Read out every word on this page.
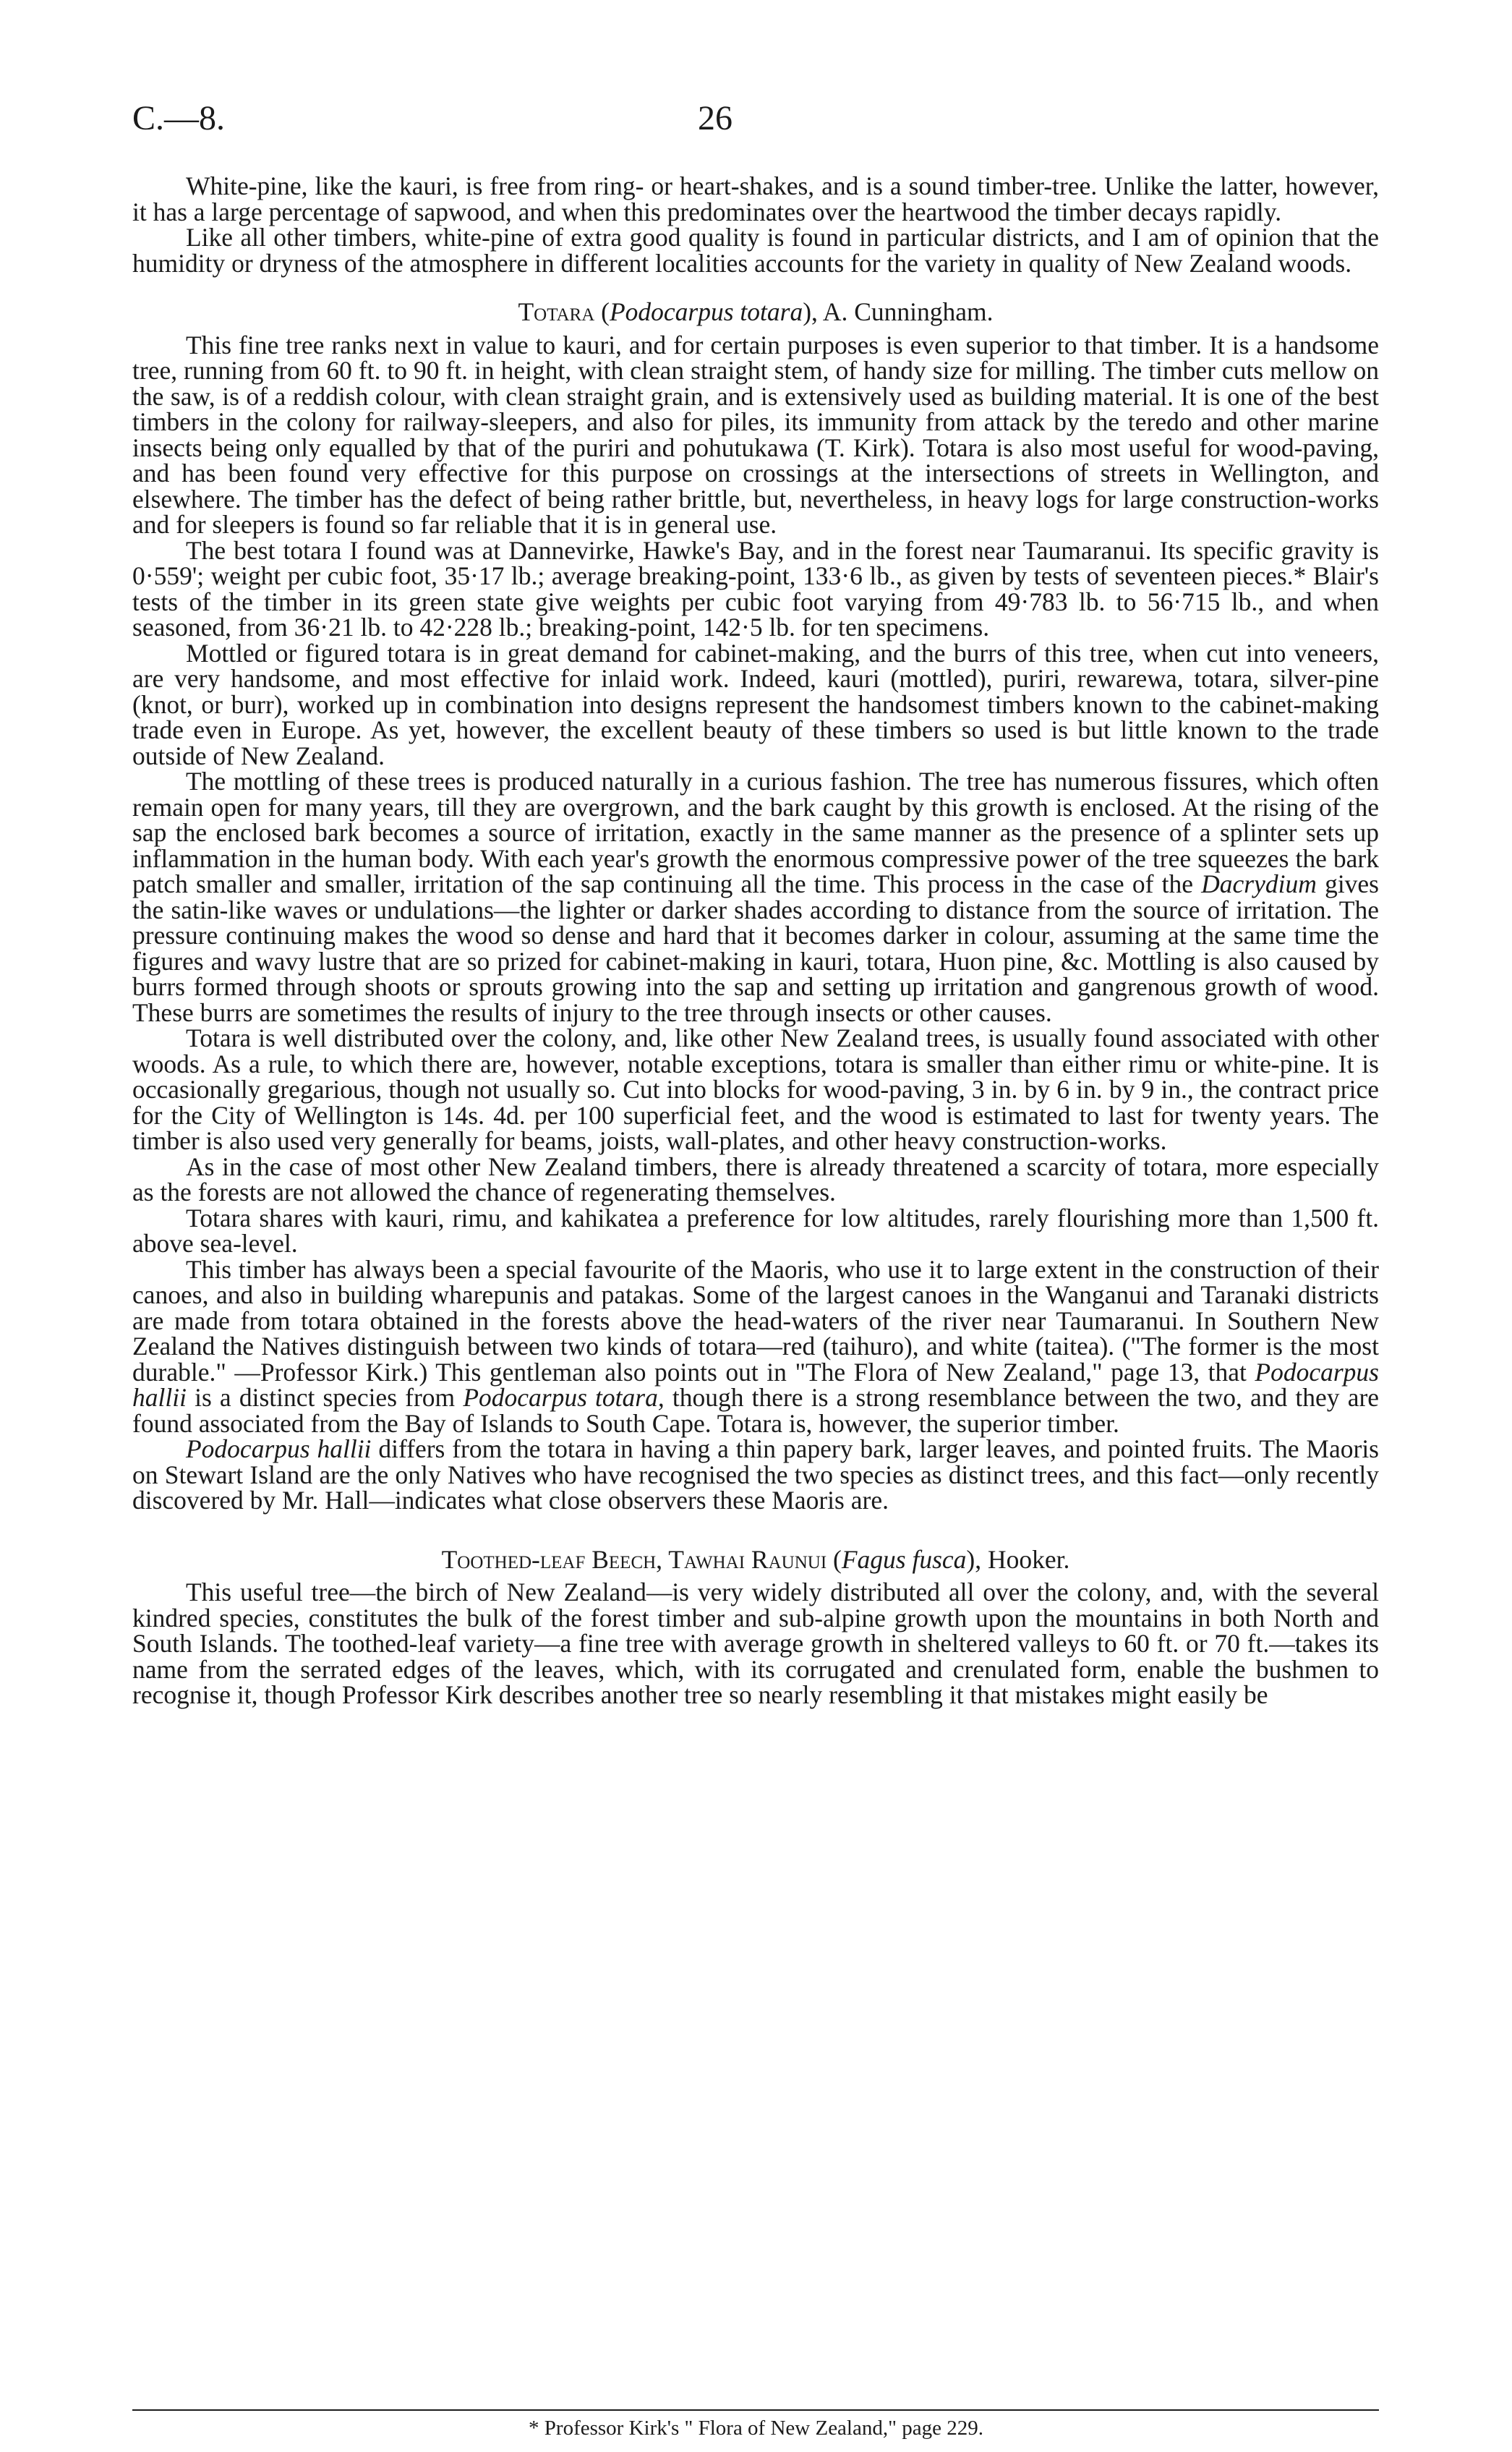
C.—8.	26

White-pine, like the kauri, is free from ring- or heart-shakes, and is a sound timber-tree. Unlike the latter, however, it has a large percentage of sapwood, and when this predominates over the heartwood the timber decays rapidly.

Like all other timbers, white-pine of extra good quality is found in particular districts, and I am of opinion that the humidity or dryness of the atmosphere in different localities accounts for the variety in quality of New Zealand woods.

Totara (Podocarpus totara), A. Cunningham.

This fine tree ranks next in value to kauri, and for certain purposes is even superior to that timber. It is a handsome tree, running from 60 ft. to 90 ft. in height, with clean straight stem, of handy size for milling. The timber cuts mellow on the saw, is of a reddish colour, with clean straight grain, and is extensively used as building material. It is one of the best timbers in the colony for railway-sleepers, and also for piles, its immunity from attack by the teredo and other marine insects being only equalled by that of the puriri and pohutukawa (T. Kirk). Totara is also most useful for wood-paving, and has been found very effective for this purpose on crossings at the intersections of streets in Wellington, and elsewhere. The timber has the defect of being rather brittle, but, nevertheless, in heavy logs for large construction-works and for sleepers is found so far reliable that it is in general use.

The best totara I found was at Dannevirke, Hawke's Bay, and in the forest near Taumaranui. Its specific gravity is 0·559'; weight per cubic foot, 35·17 lb.; average breaking-point, 133·6 lb., as given by tests of seventeen pieces.* Blair's tests of the timber in its green state give weights per cubic foot varying from 49·783 lb. to 56·715 lb., and when seasoned, from 36·21 lb. to 42·228 lb.; breaking-point, 142·5 lb. for ten specimens.

Mottled or figured totara is in great demand for cabinet-making, and the burrs of this tree, when cut into veneers, are very handsome, and most effective for inlaid work. Indeed, kauri (mottled), puriri, rewarewa, totara, silver-pine (knot, or burr), worked up in combination into designs represent the handsomest timbers known to the cabinet-making trade even in Europe. As yet, however, the excellent beauty of these timbers so used is but little known to the trade outside of New Zealand.

The mottling of these trees is produced naturally in a curious fashion. The tree has numerous fissures, which often remain open for many years, till they are overgrown, and the bark caught by this growth is enclosed. At the rising of the sap the enclosed bark becomes a source of irritation, exactly in the same manner as the presence of a splinter sets up inflammation in the human body. With each year's growth the enormous compressive power of the tree squeezes the bark patch smaller and smaller, irritation of the sap continuing all the time. This process in the case of the Dacrydium gives the satin-like waves or undulations—the lighter or darker shades according to distance from the source of irritation. The pressure continuing makes the wood so dense and hard that it becomes darker in colour, assuming at the same time the figures and wavy lustre that are so prized for cabinet-making in kauri, totara, Huon pine, &c. Mottling is also caused by burrs formed through shoots or sprouts growing into the sap and setting up irritation and gangrenous growth of wood. These burrs are sometimes the results of injury to the tree through insects or other causes.

Totara is well distributed over the colony, and, like other New Zealand trees, is usually found associated with other woods. As a rule, to which there are, however, notable exceptions, totara is smaller than either rimu or white-pine. It is occasionally gregarious, though not usually so. Cut into blocks for wood-paving, 3 in. by 6 in. by 9 in., the contract price for the City of Wellington is 14s. 4d. per 100 superficial feet, and the wood is estimated to last for twenty years. The timber is also used very generally for beams, joists, wall-plates, and other heavy construction-works.

As in the case of most other New Zealand timbers, there is already threatened a scarcity of totara, more especially as the forests are not allowed the chance of regenerating themselves.

Totara shares with kauri, rimu, and kahikatea a preference for low altitudes, rarely flourishing more than 1,500 ft. above sea-level.

This timber has always been a special favourite of the Maoris, who use it to large extent in the construction of their canoes, and also in building wharepunis and patakas. Some of the largest canoes in the Wanganui and Taranaki districts are made from totara obtained in the forests above the head-waters of the river near Taumaranui. In Southern New Zealand the Natives distinguish between two kinds of totara—red (taihuro), and white (taitea). ("The former is the most durable." —Professor Kirk.) This gentleman also points out in "The Flora of New Zealand," page 13, that Podocarpus hallii is a distinct species from Podocarpus totara, though there is a strong resemblance between the two, and they are found associated from the Bay of Islands to South Cape. Totara is, however, the superior timber.

Podocarpus hallii differs from the totara in having a thin papery bark, larger leaves, and pointed fruits. The Maoris on Stewart Island are the only Natives who have recognised the two species as distinct trees, and this fact—only recently discovered by Mr. Hall—indicates what close observers these Maoris are.

Toothed-leaf Beech, Tawhai Raunui (Fagus fusca), Hooker.

This useful tree—the birch of New Zealand—is very widely distributed all over the colony, and, with the several kindred species, constitutes the bulk of the forest timber and sub-alpine growth upon the mountains in both North and South Islands. The toothed-leaf variety—a fine tree with average growth in sheltered valleys to 60 ft. or 70 ft.—takes its name from the serrated edges of the leaves, which, with its corrugated and crenulated form, enable the bushmen to recognise it, though Professor Kirk describes another tree so nearly resembling it that mistakes might easily be

* Professor Kirk's " Flora of New Zealand," page 229.
